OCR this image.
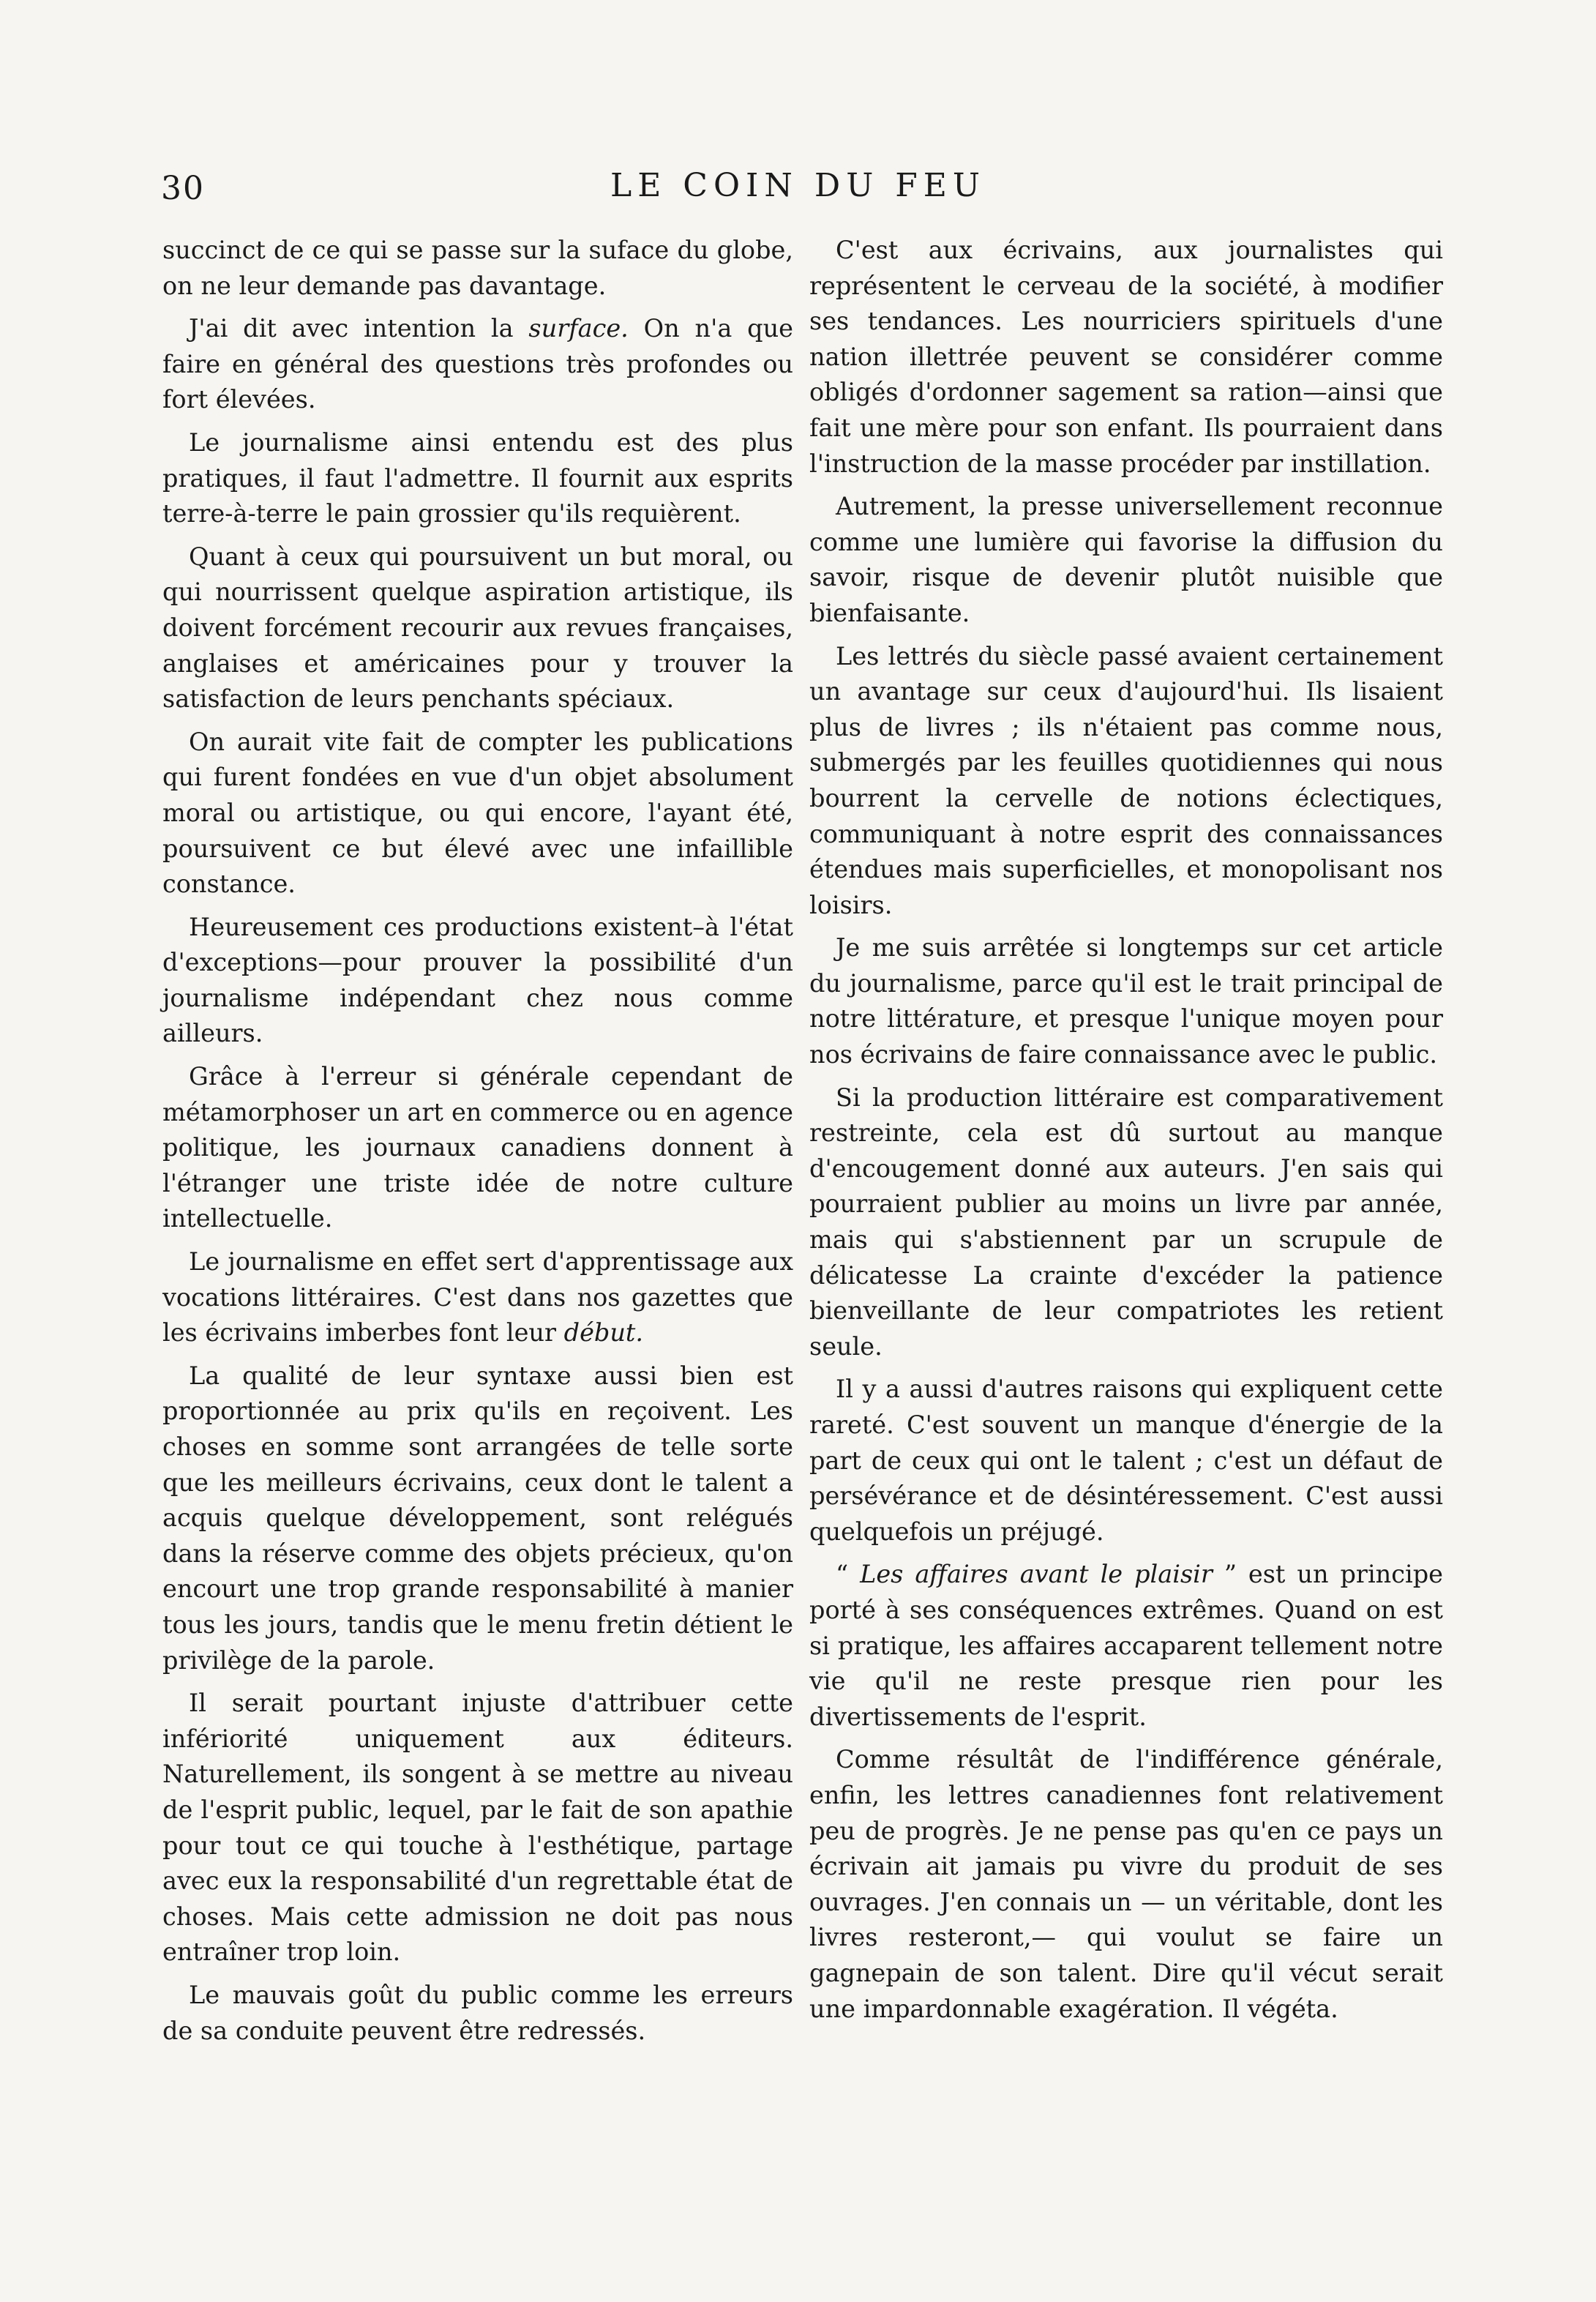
30	LE COIN DU FEU

succinct de ce qui se passe sur la suface du globe, on ne leur demande pas davantage.

J'ai dit avec intention la surface. On n'a que faire en général des questions très profondes ou fort élevées.

Le journalisme ainsi entendu est des plus pratiques, il faut l'admettre. Il fournit aux esprits terre-à-terre le pain grossier qu'ils requièrent.

Quant à ceux qui poursuivent un but moral, ou qui nourrissent quelque aspiration artistique, ils doivent forcément recourir aux revues françaises, anglaises et américaines pour y trouver la satisfaction de leurs penchants spéciaux.

On aurait vite fait de compter les publications qui furent fondées en vue d'un objet absolument moral ou artistique, ou qui encore, l'ayant été, poursuivent ce but élevé avec une infaillible constance.

Heureusement ces productions existent–à l'état d'exceptions—pour prouver la possibilité d'un journalisme indépendant chez nous comme ailleurs.

Grâce à l'erreur si générale cependant de métamorphoser un art en commerce ou en agence politique, les journaux canadiens donnent à l'étranger une triste idée de notre culture intellectuelle.

Le journalisme en effet sert d'apprentissage aux vocations littéraires. C'est dans nos gazettes que les écrivains imberbes font leur début.

La qualité de leur syntaxe aussi bien est proportionnée au prix qu'ils en reçoivent. Les choses en somme sont arrangées de telle sorte que les meilleurs écrivains, ceux dont le talent a acquis quelque développement, sont relégués dans la réserve comme des objets précieux, qu'on encourt une trop grande responsabilité à manier tous les jours, tandis que le menu fretin détient le privilège de la parole.

Il serait pourtant injuste d'attribuer cette infériorité uniquement aux éditeurs. Naturellement, ils songent à se mettre au niveau de l'esprit public, lequel, par le fait de son apathie pour tout ce qui touche à l'esthétique, partage avec eux la responsabilité d'un regrettable état de choses. Mais cette admission ne doit pas nous entraîner trop loin.

Le mauvais goût du public comme les erreurs de sa conduite peuvent être redressés.

C'est aux écrivains, aux journalistes qui représentent le cerveau de la société, à modifier ses tendances. Les nourriciers spirituels d'une nation illettrée peuvent se considérer comme obligés d'ordonner sagement sa ration—ainsi que fait une mère pour son enfant. Ils pourraient dans l'instruction de la masse procéder par instillation.

Autrement, la presse universellement reconnue comme une lumière qui favorise la diffusion du savoir, risque de devenir plutôt nuisible que bienfaisante.

Les lettrés du siècle passé avaient certainement un avantage sur ceux d'aujourd'hui. Ils lisaient plus de livres ; ils n'étaient pas comme nous, submergés par les feuilles quotidiennes qui nous bourrent la cervelle de notions éclectiques, communiquant à notre esprit des connaissances étendues mais superficielles, et monopolisant nos loisirs.

Je me suis arrêtée si longtemps sur cet article du journalisme, parce qu'il est le trait principal de notre littérature, et presque l'unique moyen pour nos écrivains de faire connaissance avec le public.

Si la production littéraire est comparativement restreinte, cela est dû surtout au manque d'encougement donné aux auteurs. J'en sais qui pourraient publier au moins un livre par année, mais qui s'abstiennent par un scrupule de délicatesse La crainte d'excéder la patience bienveillante de leur compatriotes les retient seule.

Il y a aussi d'autres raisons qui expliquent cette rareté. C'est souvent un manque d'énergie de la part de ceux qui ont le talent ; c'est un défaut de persévérance et de désintéressement. C'est aussi quelquefois un préjugé.

“ Les affaires avant le plaisir ” est un principe porté à ses conséquences extrêmes. Quand on est si pratique, les affaires accaparent tellement notre vie qu'il ne reste presque rien pour les divertissements de l'esprit.

Comme résultât de l'indifférence générale, enfin, les lettres canadiennes font relativement peu de progrès. Je ne pense pas qu'en ce pays un écrivain ait jamais pu vivre du produit de ses ouvrages. J'en connais un — un véritable, dont les livres resteront,— qui voulut se faire un gagnepain de son talent. Dire qu'il vécut serait une impardonnable exagération. Il végéta.
